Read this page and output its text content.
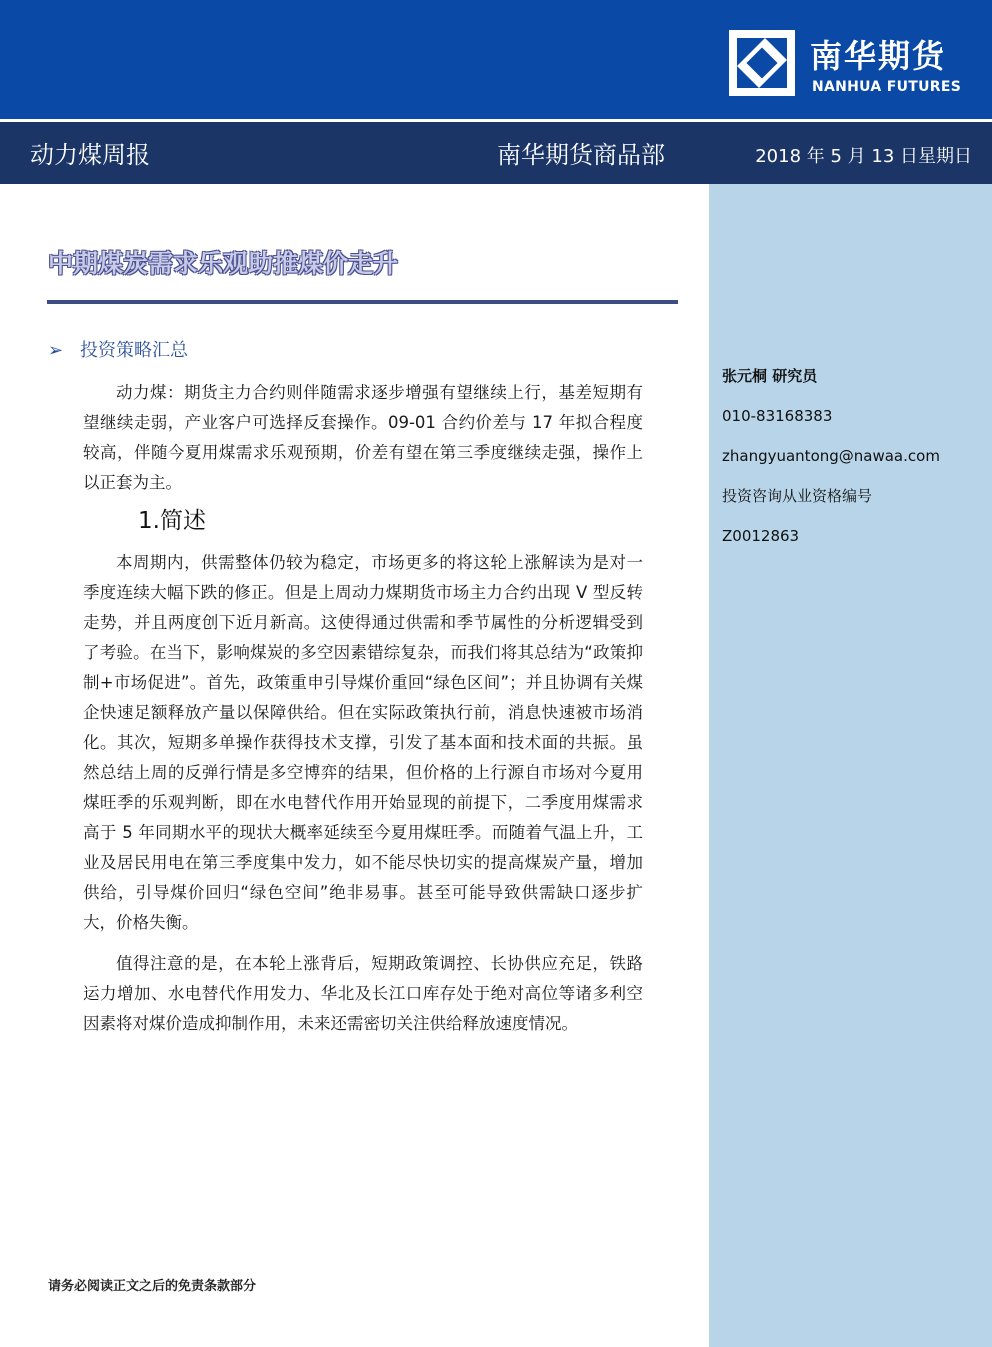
南华期货
NANHUA FUTURES
动力煤周报	南华期货商品部	2018 年 5 月 13 日星期日
张元桐 研究员
010-83168383
zhangyuantong@nawaa.com
投资咨询从业资格编号
Z0012863
中期煤炭需求乐观助推煤价走升
➢ 投资策略汇总
动力煤：期货主力合约则伴随需求逐步增强有望继续上行，基差短期有望继续走弱，产业客户可选择反套操作。09-01 合约价差与 17 年拟合程度较高，伴随今夏用煤需求乐观预期，价差有望在第三季度继续走强，操作上以正套为主。
1.简述
本周期内，供需整体仍较为稳定，市场更多的将这轮上涨解读为是对一季度连续大幅下跌的修正。但是上周动力煤期货市场主力合约出现 V 型反转走势，并且两度创下近月新高。这使得通过供需和季节属性的分析逻辑受到了考验。在当下，影响煤炭的多空因素错综复杂，而我们将其总结为“政策抑制+市场促进”。首先，政策重申引导煤价重回“绿色区间”；并且协调有关煤企快速足额释放产量以保障供给。但在实际政策执行前，消息快速被市场消化。其次，短期多单操作获得技术支撑，引发了基本面和技术面的共振。虽然总结上周的反弹行情是多空博弈的结果，但价格的上行源自市场对今夏用煤旺季的乐观判断，即在水电替代作用开始显现的前提下，二季度用煤需求高于 5 年同期水平的现状大概率延续至今夏用煤旺季。而随着气温上升，工业及居民用电在第三季度集中发力，如不能尽快切实的提高煤炭产量，增加供给，引导煤价回归“绿色空间”绝非易事。甚至可能导致供需缺口逐步扩大，价格失衡。
值得注意的是，在本轮上涨背后，短期政策调控、长协供应充足，铁路运力增加、水电替代作用发力、华北及长江口库存处于绝对高位等诸多利空因素将对煤价造成抑制作用，未来还需密切关注供给释放速度情况。
请务必阅读正文之后的免责条款部分
